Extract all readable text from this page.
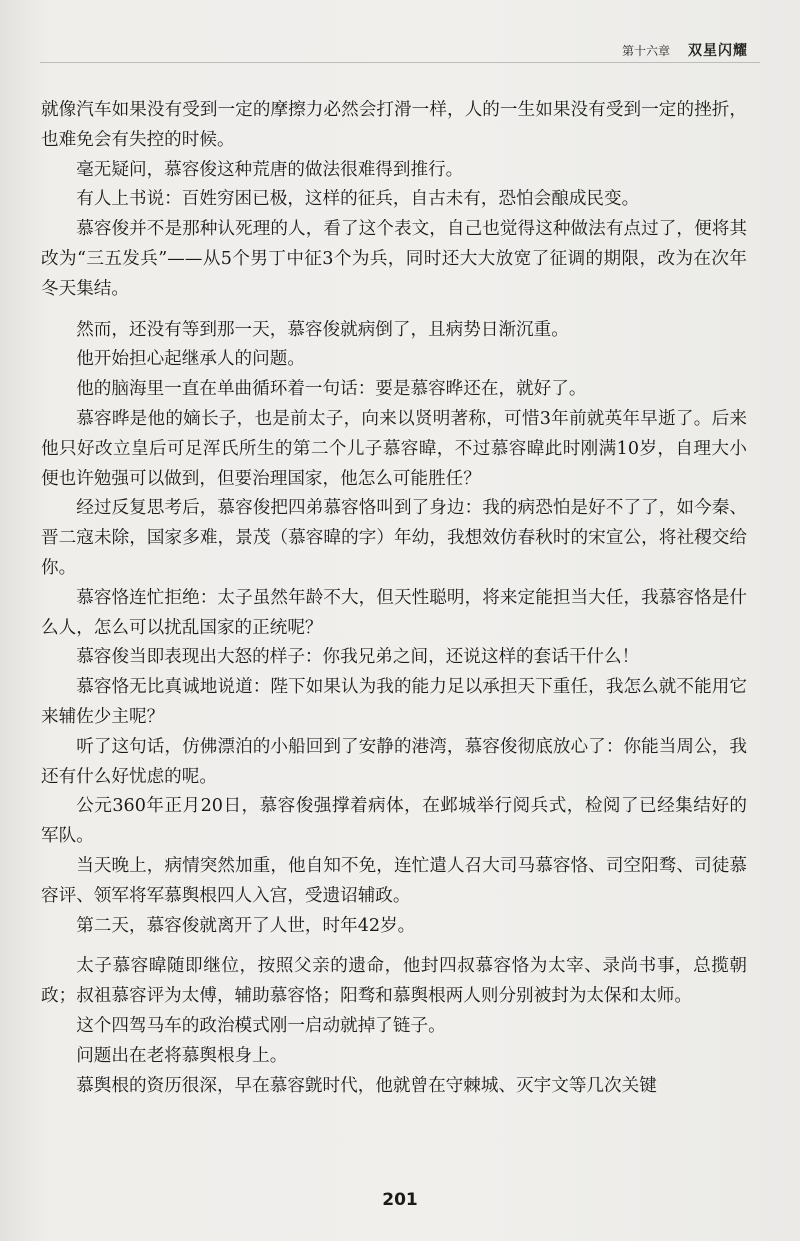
第十六章 双星闪耀

就像汽车如果没有受到一定的摩擦力必然会打滑一样，人的一生如果没有受到一定的挫折，也难免会有失控的时候。

毫无疑问，慕容俊这种荒唐的做法很难得到推行。

有人上书说：百姓穷困已极，这样的征兵，自古未有，恐怕会酿成民变。

慕容俊并不是那种认死理的人，看了这个表文，自己也觉得这种做法有点过了，便将其改为“三五发兵”——从5个男丁中征3个为兵，同时还大大放宽了征调的期限，改为在次年冬天集结。

然而，还没有等到那一天，慕容俊就病倒了，且病势日渐沉重。

他开始担心起继承人的问题。

他的脑海里一直在单曲循环着一句话：要是慕容晔还在，就好了。

慕容晔是他的嫡长子，也是前太子，向来以贤明著称，可惜3年前就英年早逝了。后来他只好改立皇后可足浑氏所生的第二个儿子慕容暐，不过慕容暐此时刚满10岁，自理大小便也许勉强可以做到，但要治理国家，他怎么可能胜任？

经过反复思考后，慕容俊把四弟慕容恪叫到了身边：我的病恐怕是好不了了，如今秦、晋二寇未除，国家多难，景茂（慕容暐的字）年幼，我想效仿春秋时的宋宣公，将社稷交给你。

慕容恪连忙拒绝：太子虽然年龄不大，但天性聪明，将来定能担当大任，我慕容恪是什么人，怎么可以扰乱国家的正统呢？

慕容俊当即表现出大怒的样子：你我兄弟之间，还说这样的套话干什么！

慕容恪无比真诚地说道：陛下如果认为我的能力足以承担天下重任，我怎么就不能用它来辅佐少主呢？

听了这句话，仿佛漂泊的小船回到了安静的港湾，慕容俊彻底放心了：你能当周公，我还有什么好忧虑的呢。

公元360年正月20日，慕容俊强撑着病体，在邺城举行阅兵式，检阅了已经集结好的军队。

当天晚上，病情突然加重，他自知不免，连忙遣人召大司马慕容恪、司空阳骛、司徒慕容评、领军将军慕舆根四人入宫，受遗诏辅政。

第二天，慕容俊就离开了人世，时年42岁。

太子慕容暐随即继位，按照父亲的遗命，他封四叔慕容恪为太宰、录尚书事，总揽朝政；叔祖慕容评为太傅，辅助慕容恪；阳骛和慕舆根两人则分别被封为太保和太师。

这个四驾马车的政治模式刚一启动就掉了链子。

问题出在老将慕舆根身上。

慕舆根的资历很深，早在慕容皝时代，他就曾在守棘城、灭宇文等几次关键

201
